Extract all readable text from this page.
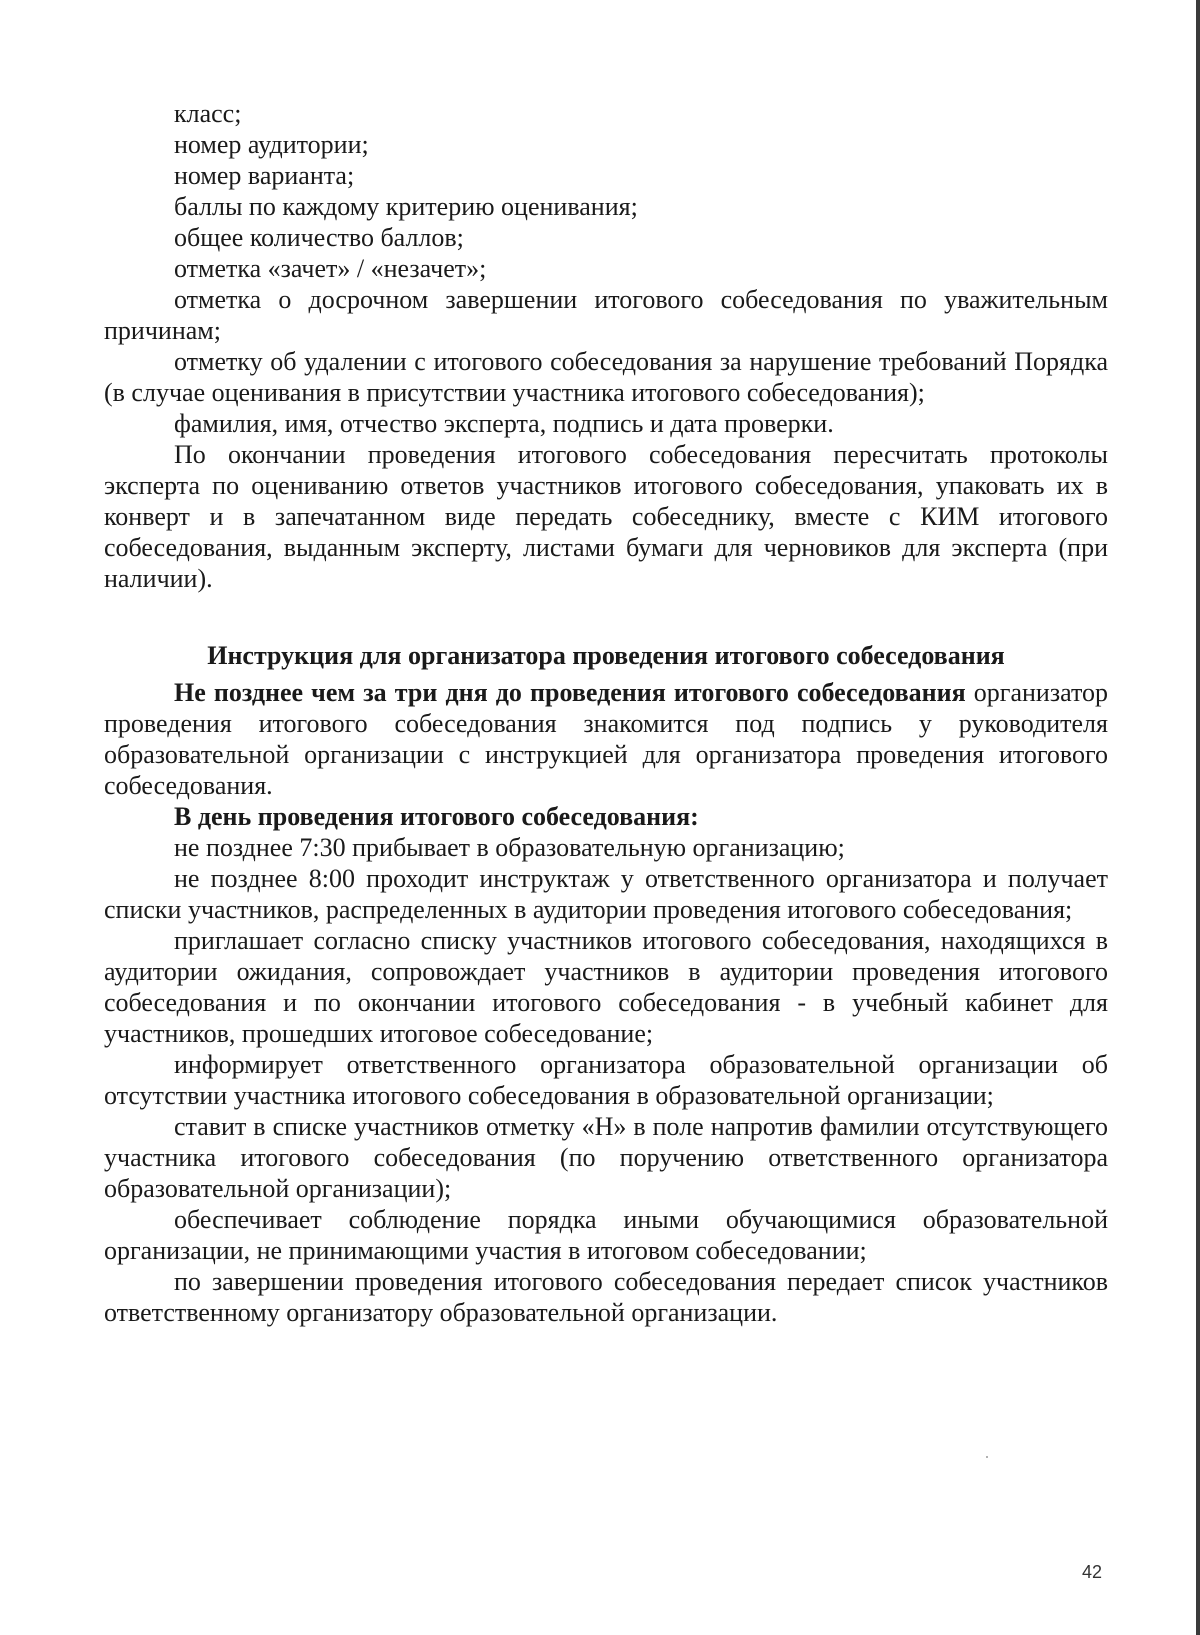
класс;

номер аудитории;

номер варианта;

баллы по каждому критерию оценивания;

общее количество баллов;

отметка «зачет» / «незачет»;

отметка о досрочном завершении итогового собеседования по уважительным причинам;

отметку об удалении с итогового собеседования за нарушение требований Порядка (в случае оценивания в присутствии участника итогового собеседования);

фамилия, имя, отчество эксперта, подпись и дата проверки.

По окончании проведения итогового собеседования пересчитать протоколы эксперта по оцениванию ответов участников итогового собеседования, упаковать их в конверт и в запечатанном виде передать собеседнику, вместе с КИМ итогового собеседования, выданным эксперту, листами бумаги для черновиков для эксперта (при наличии).

Инструкция для организатора проведения итогового собеседования

Не позднее чем за три дня до проведения итогового собеседования организатор проведения итогового собеседования знакомится под подпись у руководителя образовательной организации с инструкцией для организатора проведения итогового собеседования.

В день проведения итогового собеседования:

не позднее 7:30 прибывает в образовательную организацию;

не позднее 8:00 проходит инструктаж у ответственного организатора и получает списки участников, распределенных в аудитории проведения итогового собеседования;

приглашает согласно списку участников итогового собеседования, находящихся в аудитории ожидания, сопровождает участников в аудитории проведения итогового собеседования и по окончании итогового собеседования - в учебный кабинет для участников, прошедших итоговое собеседование;

информирует ответственного организатора образовательной организации об отсутствии участника итогового собеседования в образовательной организации;

ставит в списке участников отметку «Н» в поле напротив фамилии отсутствующего участника итогового собеседования (по поручению ответственного организатора образовательной организации);

обеспечивает соблюдение порядка иными обучающимися образовательной организации, не принимающими участия в итоговом собеседовании;

по завершении проведения итогового собеседования передает список участников ответственному организатору образовательной организации.

42
